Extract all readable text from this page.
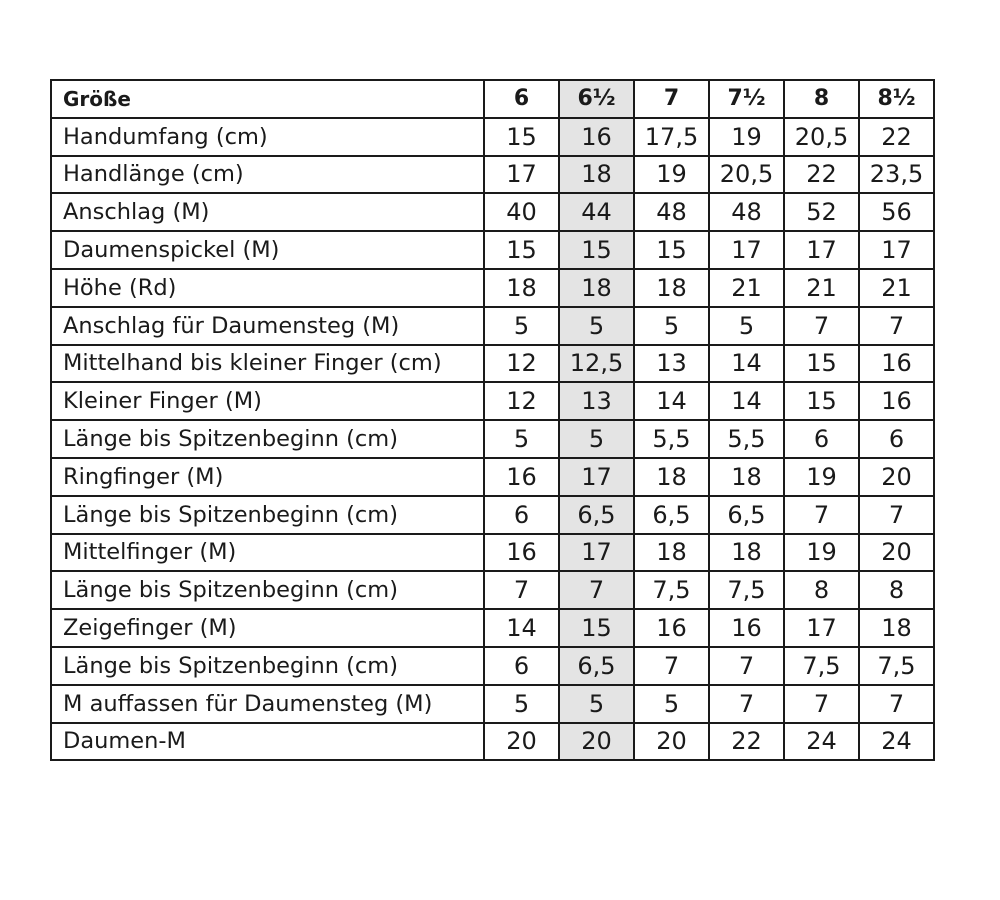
Größe	6	6½	7	7½	8	8½
Handumfang (cm)	15	16	17,5	19	20,5	22
Handlänge (cm)	17	18	19	20,5	22	23,5
Anschlag (M)	40	44	48	48	52	56
Daumenspickel (M)	15	15	15	17	17	17
Höhe (Rd)	18	18	18	21	21	21
Anschlag für Daumensteg (M)	5	5	5	5	7	7
Mittelhand bis kleiner Finger (cm)	12	12,5	13	14	15	16
Kleiner Finger (M)	12	13	14	14	15	16
Länge bis Spitzenbeginn (cm)	5	5	5,5	5,5	6	6
Ringfinger (M)	16	17	18	18	19	20
Länge bis Spitzenbeginn (cm)	6	6,5	6,5	6,5	7	7
Mittelfinger (M)	16	17	18	18	19	20
Länge bis Spitzenbeginn (cm)	7	7	7,5	7,5	8	8
Zeigefinger (M)	14	15	16	16	17	18
Länge bis Spitzenbeginn (cm)	6	6,5	7	7	7,5	7,5
M auffassen für Daumensteg (M)	5	5	5	7	7	7
Daumen-M	20	20	20	22	24	24
